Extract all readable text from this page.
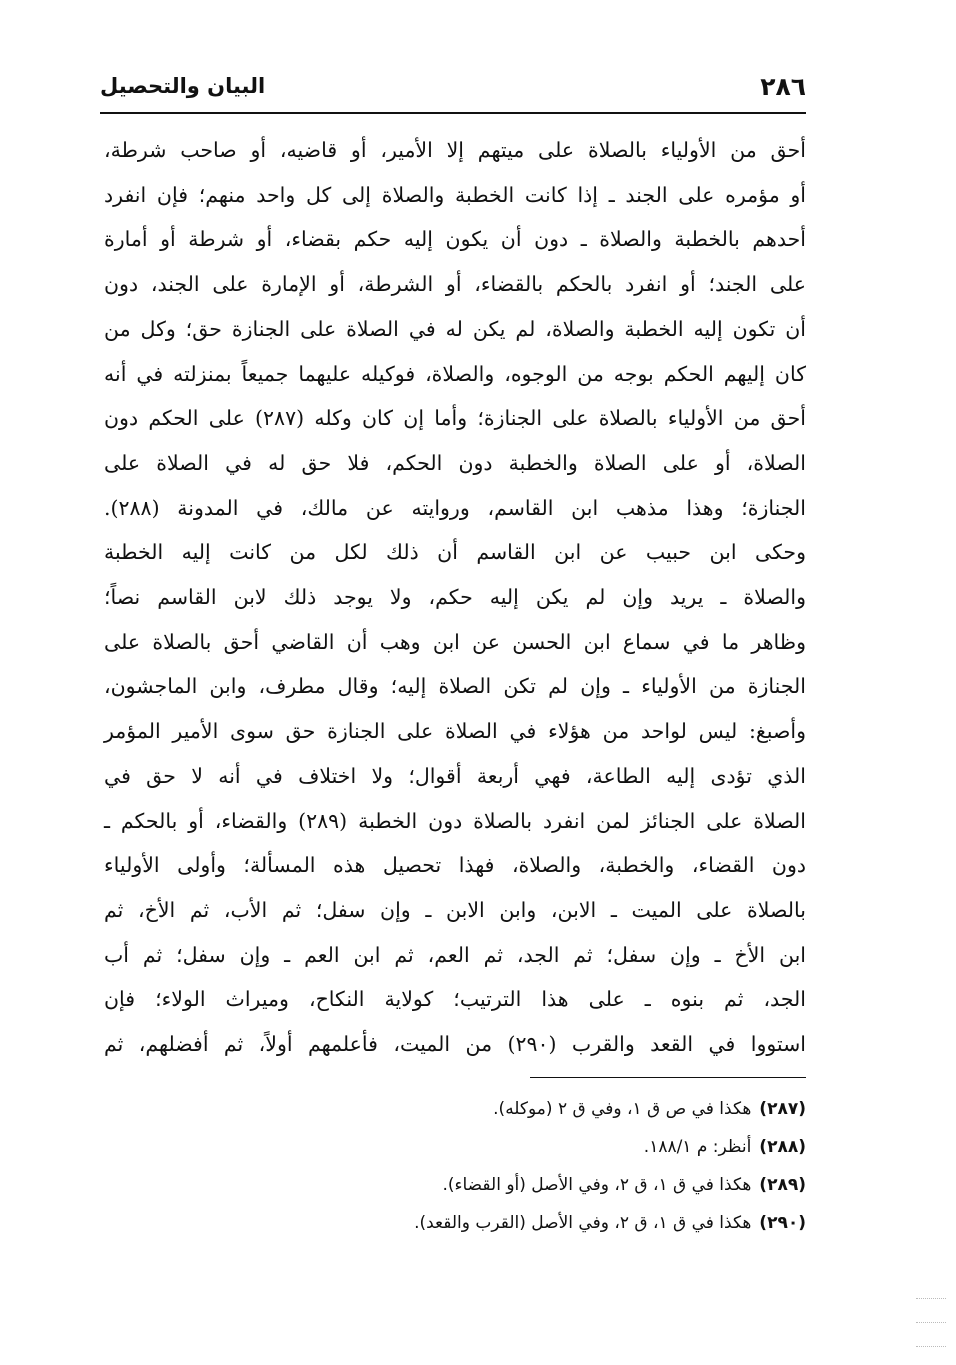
٢٨٦
البيان والتحصيل

أحق من الأولياء بالصلاة على ميتهم إلا الأمير، أو قاضيه، أو صاحب شرطة،

أو مؤمره على الجند ـ إذا كانت الخطبة والصلاة إلى كل واحد منهم؛ فإن انفرد

أحدهم بالخطبة والصلاة ـ دون أن يكون إليه حكم بقضاء، أو شرطة أو أمارة

على الجند؛ أو انفرد بالحكم بالقضاء، أو الشرطة، أو الإمارة على الجند، دون

أن تكون إليه الخطبة والصلاة، لم يكن له في الصلاة على الجنازة حق؛ وكل من

كان إليهم الحكم بوجه من الوجوه، والصلاة، فوكيله عليهما جميعاً بمنزلته في أنه

أحق من الأولياء بالصلاة على الجنازة؛ وأما إن كان وكله (٢٨٧) على الحكم دون

الصلاة، أو على الصلاة والخطبة دون الحكم، فلا حق له في الصلاة على

الجنازة؛ وهذا مذهب ابن القاسم، وروايته عن مالك، في المدونة (٢٨٨).

وحكى ابن حبيب عن ابن القاسم أن ذلك لكل من كانت إليه الخطبة

والصلاة ـ يريد وإن لم يكن إليه حكم، ولا يوجد ذلك لابن القاسم نصاً؛

وظاهر ما في سماع ابن الحسن عن ابن وهب أن القاضي أحق بالصلاة على

الجنازة من الأولياء ـ وإن لم تكن الصلاة إليه؛ وقال مطرف، وابن الماجشون،

وأصبغ: ليس لواحد من هؤلاء في الصلاة على الجنازة حق سوى الأمير المؤمر

الذي تؤدى إليه الطاعة، فهي أربعة أقوال؛ ولا اختلاف في أنه لا حق في

الصلاة على الجنائز لمن انفرد بالصلاة دون الخطبة (٢٨٩) والقضاء، أو بالحكم ـ

دون القضاء، والخطبة، والصلاة، فهذا تحصيل هذه المسألة؛ وأولى الأولياء

بالصلاة على الميت ـ الابن، وابن الابن ـ وإن سفل؛ ثم الأب، ثم الأخ، ثم

ابن الأخ ـ وإن سفل؛ ثم الجد، ثم العم، ثم ابن العم ـ وإن سفل؛ ثم أب

الجد، ثم بنوه ـ على هذا الترتيب؛ كولاية النكاح، وميراث الولاء؛ فإن

استووا في القعد والقرب (٢٩٠) من الميت، فأعلمهم أولاً، ثم أفضلهم، ثم

(٢٨٧)هكذا في ص ق ١، وفي ق ٢ (موكله).
(٢٨٨)أنظر: م ١٨٨/١.
(٢٨٩)هكذا في ق ١، ق ٢، وفي الأصل (أو القضاء).
(٢٩٠)هكذا في ق ١، ق ٢، وفي الأصل (القرب والقعد).
